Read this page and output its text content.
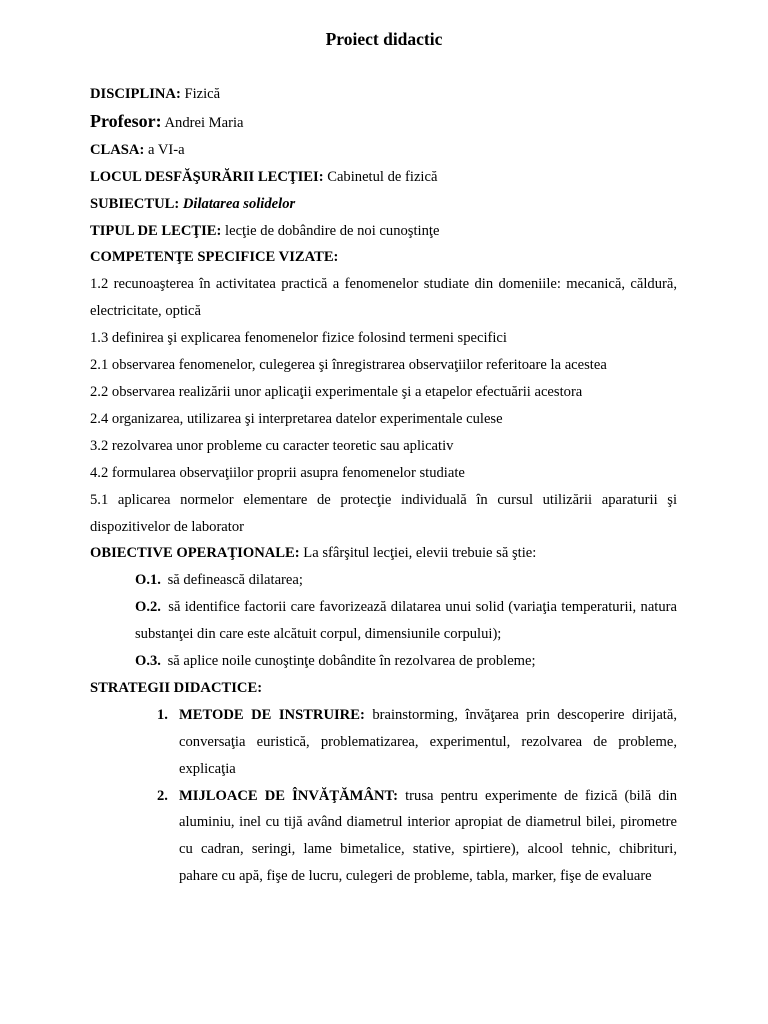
Proiect didactic
DISCIPLINA: Fizică
Profesor: Andrei Maria
CLASA: a VI-a
LOCUL DESFĂŞURĂRII LECŢIEI: Cabinetul de fizică
SUBIECTUL: Dilatarea solidelor
TIPUL DE LECŢIE: lecţie de dobândire de noi cunoştinţe
COMPETENŢE SPECIFICE VIZATE:
1.2 recunoaşterea în activitatea practică a fenomenelor studiate din domeniile: mecanică, căldură, electricitate, optică
1.3 definirea şi explicarea fenomenelor fizice folosind termeni specifici
2.1 observarea fenomenelor, culegerea şi înregistrarea observaţiilor referitoare la acestea
2.2 observarea realizării unor aplicaţii experimentale şi a etapelor efectuării acestora
2.4 organizarea, utilizarea şi interpretarea datelor experimentale culese
3.2 rezolvarea unor probleme cu caracter teoretic sau aplicativ
4.2 formularea observaţiilor proprii asupra fenomenelor studiate
5.1 aplicarea normelor elementare de protecţie individuală în cursul utilizării aparaturii şi dispozitivelor de laborator
OBIECTIVE OPERAŢIONALE: La sfârşitul lecţiei, elevii trebuie să ştie:
O.1. să definească dilatarea;
O.2. să identifice factorii care favorizează dilatarea unui solid (variaţia temperaturii, natura substanţei din care este alcătuit corpul, dimensiunile corpului);
O.3. să aplice noile cunoştinţe dobândite în rezolvarea de probleme;
STRATEGII DIDACTICE:
1. METODE DE INSTRUIRE: brainstorming, învăţarea prin descoperire dirijată, conversaţia euristică, problematizarea, experimentul, rezolvarea de probleme, explicaţia
2. MIJLOACE DE ÎNVĂŢĂMÂNT: trusa pentru experimente de fizică (bilă din aluminiu, inel cu tijă având diametrul interior apropiat de diametrul bilei, pirometre cu cadran, seringi, lame bimetalice, stative, spirtiere), alcool tehnic, chibrituri, pahare cu apă, fişe de lucru, culegeri de probleme, tabla, marker, fişe de evaluare
